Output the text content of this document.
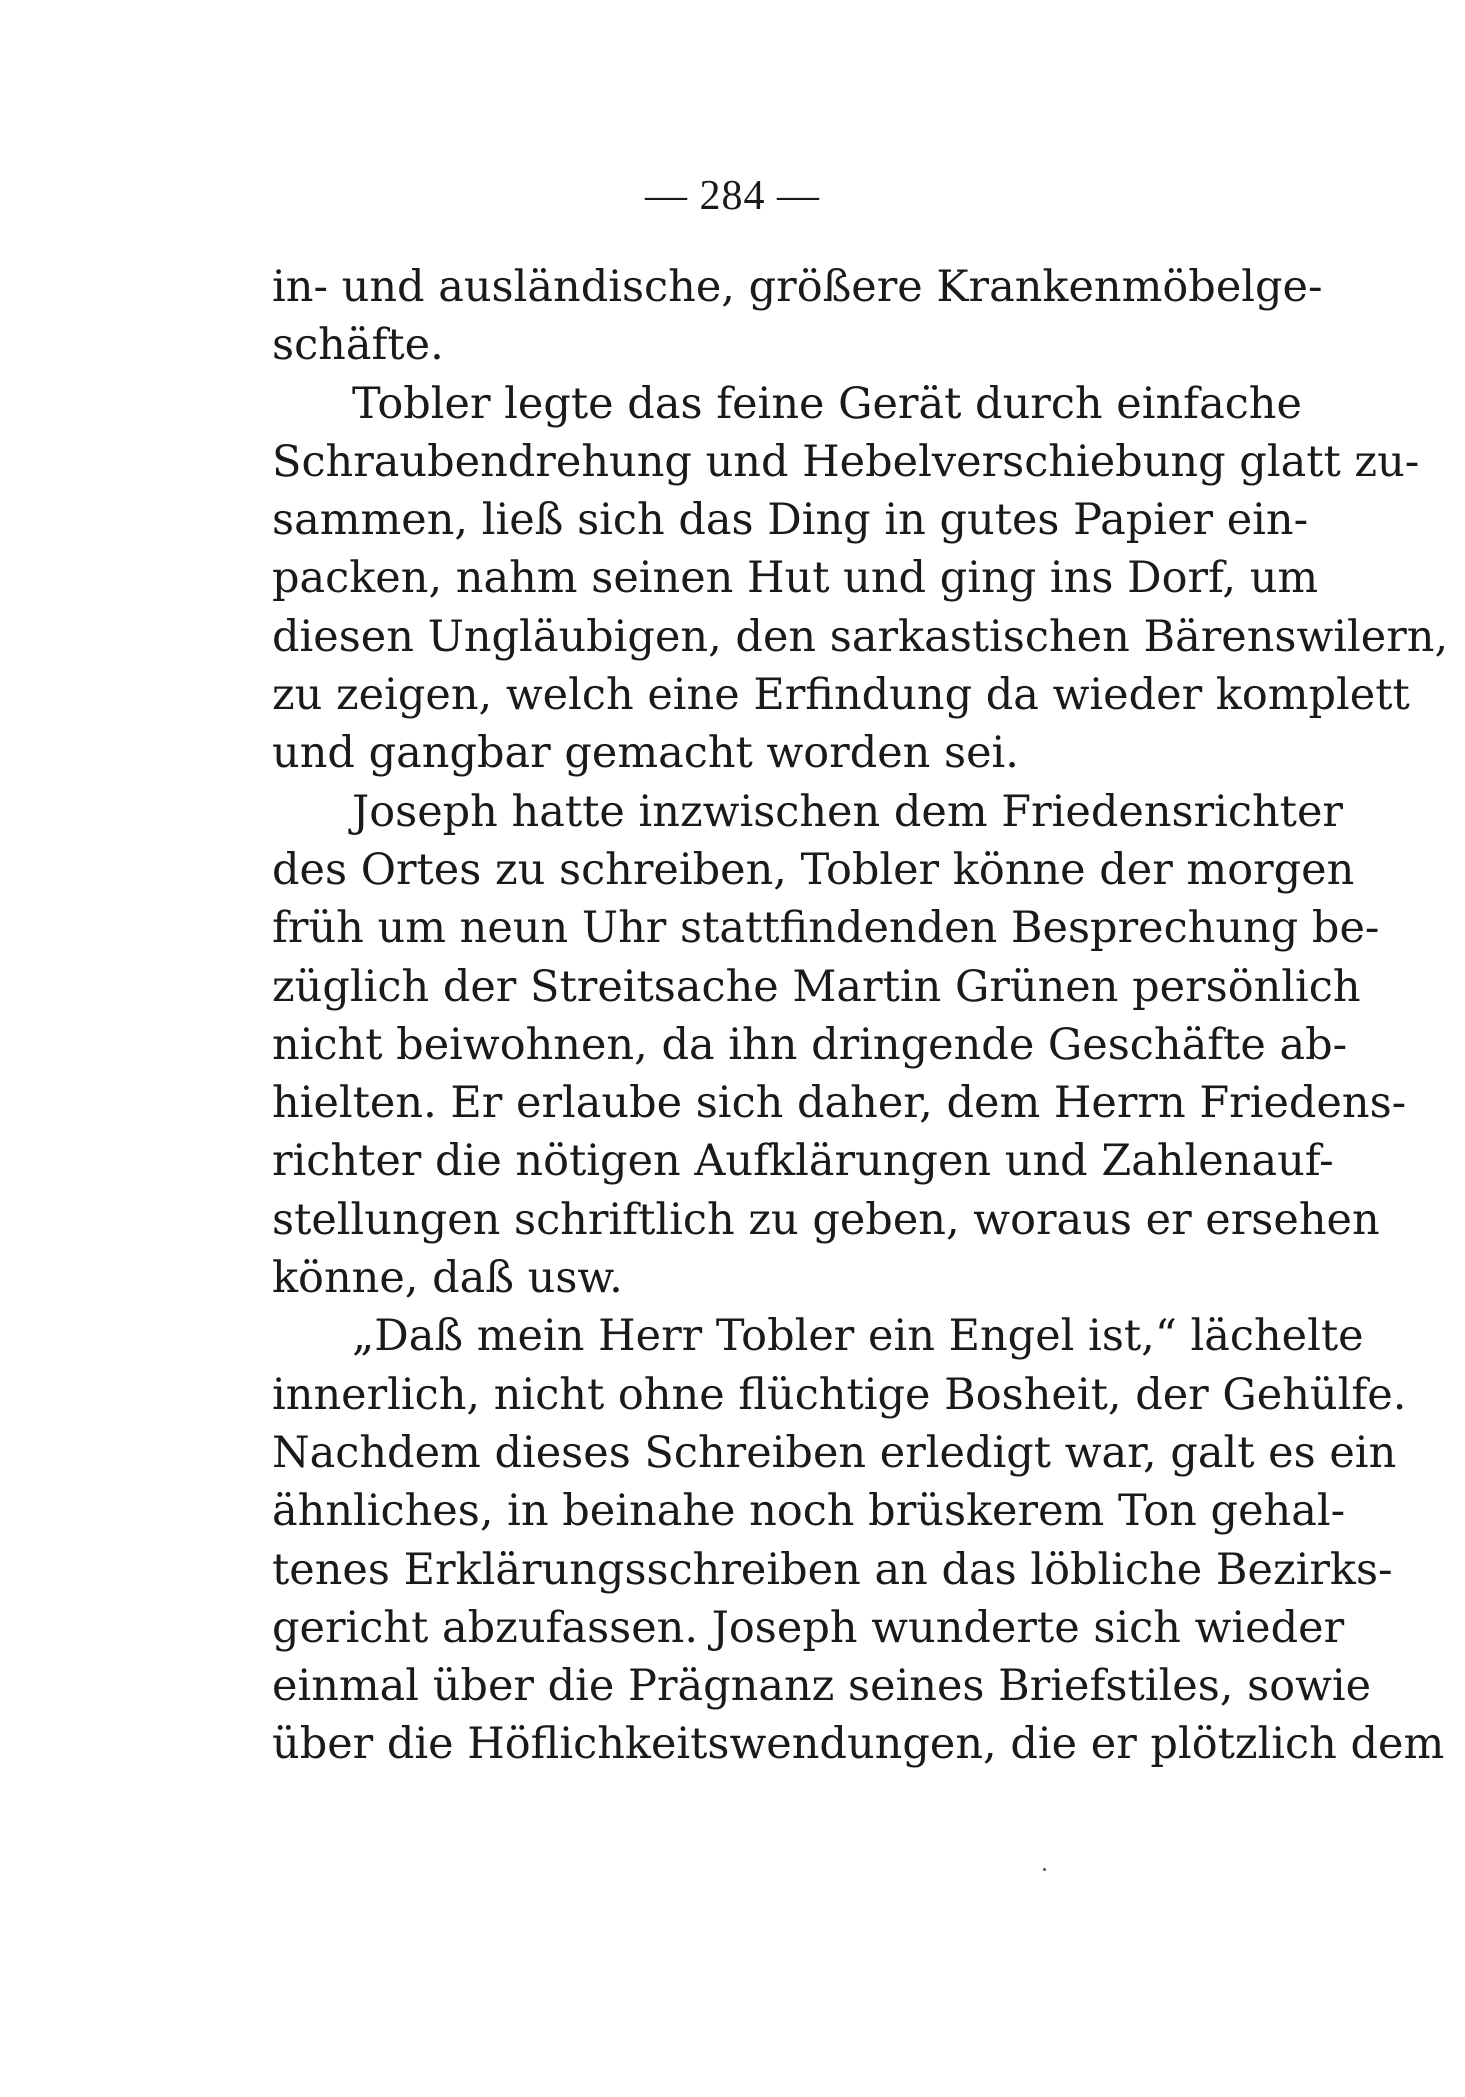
— 284 —
in- und ausländische, größere Krankenmöbelge-
schäfte.
Tobler legte das feine Gerät durch einfache
Schraubendrehung und Hebelverschiebung glatt zu-
sammen, ließ sich das Ding in gutes Papier ein-
packen, nahm seinen Hut und ging ins Dorf, um
diesen Ungläubigen, den sarkastischen Bärenswilern,
zu zeigen, welch eine Erfindung da wieder komplett
und gangbar gemacht worden sei.
Joseph hatte inzwischen dem Friedensrichter
des Ortes zu schreiben, Tobler könne der morgen
früh um neun Uhr stattfindenden Besprechung be-
züglich der Streitsache Martin Grünen persönlich
nicht beiwohnen, da ihn dringende Geschäfte ab-
hielten. Er erlaube sich daher, dem Herrn Friedens-
richter die nötigen Aufklärungen und Zahlenauf-
stellungen schriftlich zu geben, woraus er ersehen
könne, daß usw.
„Daß mein Herr Tobler ein Engel ist,“ lächelte
innerlich, nicht ohne flüchtige Bosheit, der Gehülfe.
Nachdem dieses Schreiben erledigt war, galt es ein
ähnliches, in beinahe noch brüskerem Ton gehal-
tenes Erklärungsschreiben an das löbliche Bezirks-
gericht abzufassen. Joseph wunderte sich wieder
einmal über die Prägnanz seines Briefstiles, sowie
über die Höflichkeitswendungen, die er plötzlich dem
